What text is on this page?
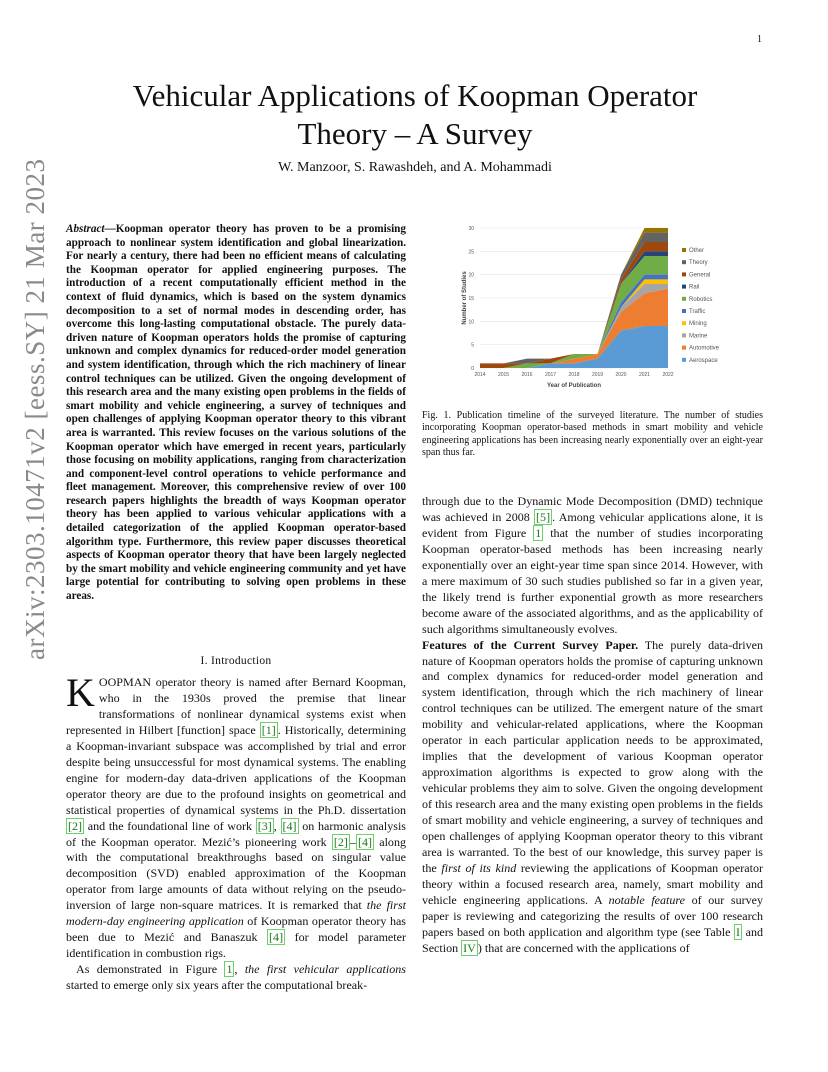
1
arXiv:2303.10471v2 [eess.SY] 21 Mar 2023
Vehicular Applications of Koopman Operator
Theory – A Survey
W. Manzoor, S. Rawashdeh, and A. Mohammadi
Abstract—Koopman operator theory has proven to be a promising approach to nonlinear system identification and global linearization. For nearly a century, there had been no efficient means of calculating the Koopman operator for applied engineering purposes. The introduction of a recent computationally efficient method in the context of fluid dynamics, which is based on the system dynamics decomposition to a set of normal modes in descending order, has overcome this long-lasting computational obstacle. The purely data-driven nature of Koopman operators holds the promise of capturing unknown and complex dynamics for reduced-order model generation and system identification, through which the rich machinery of linear control techniques can be utilized. Given the ongoing development of this research area and the many existing open problems in the fields of smart mobility and vehicle engineering, a survey of techniques and open challenges of applying Koopman operator theory to this vibrant area is warranted. This review focuses on the various solutions of the Koopman operator which have emerged in recent years, particularly those focusing on mobility applications, ranging from characterization and component-level control operations to vehicle performance and fleet management. Moreover, this comprehensive review of over 100 research papers highlights the breadth of ways Koopman operator theory has been applied to various vehicular applications with a detailed categorization of the applied Koopman operator-based algorithm type. Furthermore, this review paper discusses theoretical aspects of Koopman operator theory that have been largely neglected by the smart mobility and vehicle engineering community and yet have large potential for contributing to solving open problems in these areas.
I. Introduction

KOOPMAN operator theory is named after Bernard Koopman, who in the 1930s proved the premise that linear transformations of nonlinear dynamical systems exist when represented in Hilbert [function] space [1] . Historically, determining a Koopman-invariant subspace was accomplished by trial and error despite being unsuccessful for most dynamical systems. The enabling engine for modern-day data-driven applications of the Koopman operator theory are due to the profound insights on geometrical and statistical properties of dynamical systems in the Ph.D. dissertation [2] and the foundational line of work [3] , [4] on harmonic analysis of the Koopman operator. Mezić’s pioneering work [2] – [4] along with the computational breakthroughs based on singular value decomposition (SVD) enabled approximation of the Koopman operator from large amounts of data without relying on the pseudo-inversion of large non-square matrices. It is remarked that the first modern-day engineering application of Koopman operator theory has been due to Mezić and Banaszuk [4] for model parameter identification in combustion rigs.

As demonstrated in Figure 1 , the first vehicular applications started to emerge only six years after the computational break-

0
5
10
15
20
25
30
2014 2015 2016 2017 2018 2019 2020 2021 2022
Year of Publication
Number of Studies
Other
Theory
General
Rail
Robotics
Traffic
Mining
Marine
Automotive
Aerospace
Fig. 1. Publication timeline of the surveyed literature. The number of studies incorporating Koopman operator-based methods in smart mobility and vehicle engineering applications has been increasing nearly exponentially over an eight-year span thus far.

through due to the Dynamic Mode Decomposition (DMD) technique was achieved in 2008 [5] . Among vehicular applications alone, it is evident from Figure 1 that the number of studies incorporating Koopman operator-based methods has been increasing nearly exponentially over an eight-year time span since 2014. However, with a mere maximum of 30 such studies published so far in a given year, the likely trend is further exponential growth as more researchers become aware of the associated algorithms, and as the applicability of such algorithms simultaneously evolves.

Features of the Current Survey Paper. The purely data-driven nature of Koopman operators holds the promise of capturing unknown and complex dynamics for reduced-order model generation and system identification, through which the rich machinery of linear control techniques can be utilized. The emergent nature of the smart mobility and vehicular-related applications, where the Koopman operator in each particular application needs to be approximated, implies that the development of various Koopman operator approximation algorithms is expected to grow along with the vehicular problems they aim to solve. Given the ongoing development of this research area and the many existing open problems in the fields of smart mobility and vehicle engineering, a survey of techniques and open challenges of applying Koopman operator theory to this vibrant area is warranted. To the best of our knowledge, this survey paper is the first of its kind reviewing the applications of Koopman operator theory within a focused research area, namely, smart mobility and vehicle engineering applications. A notable feature of our survey paper is reviewing and categorizing the results of over 100 research papers based on both application and algorithm type (see Table I and Section IV ) that are concerned with the applications of
